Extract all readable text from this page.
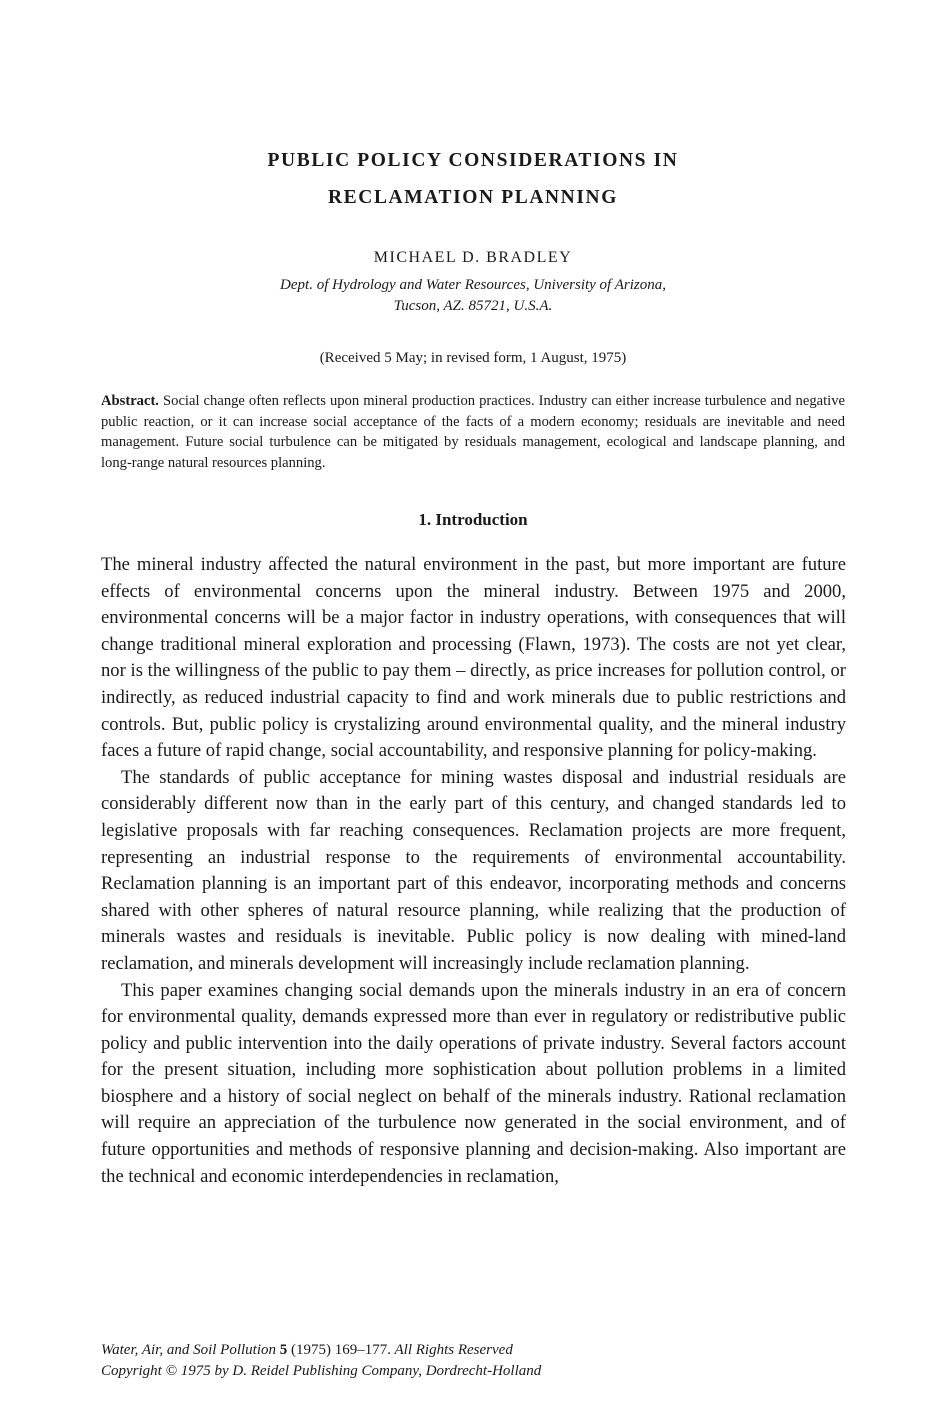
PUBLIC POLICY CONSIDERATIONS IN
RECLAMATION PLANNING

MICHAEL D. BRADLEY

Dept. of Hydrology and Water Resources, University of Arizona,

Tucson, AZ. 85721, U.S.A.

(Received 5 May; in revised form, 1 August, 1975)

Abstract. Social change often reflects upon mineral production practices. Industry can either increase turbulence and negative public reaction, or it can increase social acceptance of the facts of a modern economy; residuals are inevitable and need management. Future social turbulence can be mitigated by residuals management, ecological and landscape planning, and long-range natural resources planning.

1. Introduction

The mineral industry affected the natural environment in the past, but more important are future effects of environmental concerns upon the mineral industry. Between 1975 and 2000, environmental concerns will be a major factor in industry operations, with consequences that will change traditional mineral exploration and processing (Flawn, 1973). The costs are not yet clear, nor is the willingness of the public to pay them – directly, as price increases for pollution control, or indirectly, as reduced industrial capacity to find and work minerals due to public restrictions and controls. But, public policy is crystalizing around environmental quality, and the mineral industry faces a future of rapid change, social accountability, and responsive planning for policy-making.

The standards of public acceptance for mining wastes disposal and industrial residuals are considerably different now than in the early part of this century, and changed standards led to legislative proposals with far reaching consequences. Reclamation projects are more frequent, representing an industrial response to the requirements of environmental accountability. Reclamation planning is an important part of this endeavor, incorporating methods and concerns shared with other spheres of natural resource planning, while realizing that the production of minerals wastes and residuals is inevitable. Public policy is now dealing with mined-land reclamation, and minerals development will increasingly include reclamation planning.

This paper examines changing social demands upon the minerals industry in an era of concern for environmental quality, demands expressed more than ever in regulatory or redistributive public policy and public intervention into the daily operations of private industry. Several factors account for the present situation, including more sophistication about pollution problems in a limited biosphere and a history of social neglect on behalf of the minerals industry. Rational reclamation will require an appreciation of the turbulence now generated in the social environment, and of future opportunities and methods of responsive planning and decision-making. Also important are the technical and economic interdependencies in reclamation,

Water, Air, and Soil Pollution 5 (1975) 169–177. All Rights Reserved
Copyright © 1975 by D. Reidel Publishing Company, Dordrecht-Holland
